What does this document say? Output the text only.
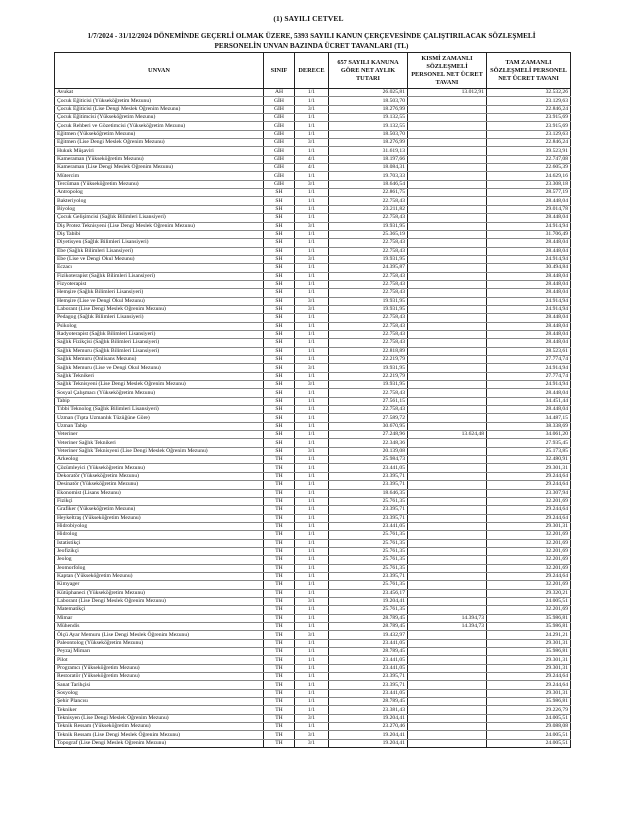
(1) SAYILI CETVEL
1/7/2024 - 31/12/2024 DÖNEMİNDE GEÇERLİ OLMAK ÜZERE, 5393 SAYILI KANUN ÇERÇEVESİNDE ÇALIŞTIRILACAK SÖZLEŞMELİ
PERSONELİN UNVAN BAZINDA ÜCRET TAVANLARI (TL)
UNVAN	SINIF	DERECE	657 SAYILI KANUNA GÖRE NET AYLIK TUTARI	KISMİ ZAMANLI SÖZLEŞMELİ PERSONEL NET ÜCRET TAVANI	TAM ZAMANLI SÖZLEŞMELİ PERSONEL NET ÜCRET TAVANI
Avukat	AH	1/1	26.025,81	13.012,91	32.532,26
Çocuk Eğiticisi (Yükseköğretim Mezunu)	GİH	1/1	18.503,70		23.129,63
Çocuk Eğiticisi (Lise Dengi Meslek Öğrenim Mezunu)	GİH	3/1	18.276,99		22.846,24
Çocuk Eğitimcisi (Yükseköğretim Mezunu)	GİH	1/1	19.132,55		23.915,69
Çocuk Rehberi ve Gözetimcisi (Yükseköğretim Mezunu)	GİH	1/1	19.132,55		23.915,69
Eğitmen (Yükseköğretim Mezunu)	GİH	1/1	18.503,70		23.129,63
Eğitmen (Lise Dengi Meslek Öğrenim Mezunu)	GİH	3/1	18.276,99		22.846,24
Hukuk Müşaviri	GİH	1/1	31.619,13		39.523,91
Kameraman (Yükseköğretim Mezunu)	GİH	4/1	18.197,66		22.747,08
Kameraman (Lise Dengi Meslek Öğrenim Mezunu)	GİH	4/1	18.084,31		22.605,39
Mütercim	GİH	1/1	19.703,33		24.629,16
Tercüman (Yükseköğretim Mezunu)	GİH	3/1	18.646,54		23.308,18
Antropolog	SH	1/1	22.861,75		28.577,19
Bakteriyolog	SH	1/1	22.758,43		28.448,04
Biyolog	SH	1/1	23.211,82		29.014,78
Çocuk Gelişimcisi (Sağlık Bilimleri Lisansiyeri)	SH	1/1	22.758,43		28.448,04
Diş Protez Teknisyeni (Lise Dengi Meslek Öğrenim Mezunu)	SH	3/1	19.931,95		24.914,94
Diş Tabibi	SH	1/1	25.365,19		31.706,49
Diyetisyen (Sağlık Bilimleri Lisansiyeri)	SH	1/1	22.758,43		28.448,04
Ebe (Sağlık Bilimleri Lisansiyeri)	SH	1/1	22.758,43		28.448,04
Ebe (Lise ve Dengi Okul Mezunu)	SH	3/1	19.931,95		24.914,94
Eczacı	SH	1/1	24.395,87		30.494,84
Fizikoterapist (Sağlık Bilimleri Lisansiyeri)	SH	1/1	22.758,43		28.448,04
Fizyoterapist	SH	1/1	22.758,43		28.448,04
Hemşire (Sağlık Bilimleri Lisansiyeri)	SH	1/1	22.758,43		28.448,04
Hemşire (Lise ve Dengi Okul Mezunu)	SH	3/1	19.931,95		24.914,94
Laborant (Lise Dengi Meslek Öğrenim Mezunu)	SH	3/1	19.931,95		24.914,94
Pedagog (Sağlık Bilimleri Lisansiyeri)	SH	1/1	22.758,43		28.448,04
Psikolog	SH	1/1	22.758,43		28.448,04
Radyoterapist (Sağlık Bilimleri Lisansiyeri)	SH	1/1	22.758,43		28.448,04
Sağlık Fizikçisi (Sağlık Bilimleri Lisansiyeri)	SH	1/1	22.758,43		28.448,04
Sağlık Memuru (Sağlık Bilimleri Lisansiyeri)	SH	1/1	22.818,89		28.523,61
Sağlık Memuru (Önlisans Mezunu)	SH	1/1	22.219,79		27.774,74
Sağlık Memuru (Lise ve Dengi Okul Mezunu)	SH	3/1	19.931,95		24.914,94
Sağlık Teknikeri	SH	1/1	22.219,79		27.774,74
Sağlık Teknisyeni (Lise Dengi Meslek Öğrenim Mezunu)	SH	3/1	19.931,95		24.914,94
Sosyal Çalışmacı (Yükseköğretim Mezunu)	SH	1/1	22.758,43		28.448,04
Tabip	SH	1/1	27.561,15		34.451,44
Tıbbi Teknolog (Sağlık Bilimleri Lisansiyeri)	SH	1/1	22.758,43		28.448,04
Uzman (Tıpta Uzmanlık Tüzüğüne Göre)	SH	1/1	27.589,72		34.487,15
Uzman Tabip	SH	1/1	30.670,95		38.338,69
Veteriner	SH	1/1	27.248,96	13.624,48	34.061,20
Veteriner Sağlık Teknikeri	SH	1/1	22.348,36		27.935,45
Veteriner Sağlık Teknisyeni (Lise Dengi Meslek Öğrenim Mezunu)	SH	3/1	20.139,08		25.173,85
Arkeolog	TH	1/1	25.984,73		32.480,91
Çözümleyici (Yükseköğretim Mezunu)	TH	1/1	23.441,05		29.301,31
Dekoratör (Yükseköğretim Mezunu)	TH	1/1	23.395,71		29.244,64
Desinatör (Yükseköğretim Mezunu)	TH	1/1	23.395,71		29.244,64
Ekonomist (Lisans Mezunu)	TH	1/1	18.646,35		23.307,94
Fizikçi	TH	1/1	25.761,35		32.201,69
Grafiker (Yükseköğretim Mezunu)	TH	1/1	23.395,71		29.244,64
Heykeltraş (Yükseköğretim Mezunu)	TH	1/1	23.395,71		29.244,64
Hidrobiyolog	TH	1/1	23.441,05		29.301,31
Hidrolog	TH	1/1	25.761,35		32.201,69
İstatistikçi	TH	1/1	25.761,35		32.201,69
Jeofizikçi	TH	1/1	25.761,35		32.201,69
Jeolog	TH	1/1	25.761,35		32.201,69
Jeomorfolog	TH	1/1	25.761,35		32.201,69
Kaptan (Yükseköğretim Mezunu)	TH	1/1	23.395,71		29.244,64
Kimyager	TH	1/1	25.761,35		32.201,69
Kütüphaneci (Yükseköğretim Mezunu)	TH	1/1	23.456,17		29.320,21
Laborant (Lise Dengi Meslek Öğrenim Mezunu)	TH	3/1	19.204,41		24.005,51
Matematikçi	TH	1/1	25.761,35		32.201,69
Mimar	TH	1/1	28.789,45	14.394,73	35.986,81
Mühendis	TH	1/1	28.789,45	14.394,73	35.986,81
Ölçü Ayar Memuru (Lise Dengi Meslek Öğrenim Mezunu)	TH	3/1	19.432,97		24.291,21
Paleontolog (Yükseköğretim Mezunu)	TH	1/1	23.441,05		29.301,31
Peyzaj Mimarı	TH	1/1	28.789,45		35.986,81
Pilot	TH	1/1	23.441,05		29.301,31
Programcı (Yükseköğretim Mezunu)	TH	1/1	23.441,05		29.301,31
Restoratör (Yükseköğretim Mezunu)	TH	1/1	23.395,71		29.244,64
Sanat Tarihçisi	TH	1/1	23.395,71		29.244,64
Sosyolog	TH	1/1	23.441,05		29.301,31
Şehir Plancısı	TH	1/1	28.789,45		35.986,81
Tekniker	TH	1/1	23.381,43		29.226,79
Teknisyen (Lise Dengi Meslek Öğrenim Mezunu)	TH	3/1	19.204,41		24.005,51
Teknik Ressam (Yükseköğretim Mezunu)	TH	1/1	23.270,46		29.088,08
Teknik Ressam (Lise Dengi Meslek Öğrenim Mezunu)	TH	3/1	19.204,41		24.005,51
Topograf (Lise Dengi Meslek Öğrenim Mezunu)	TH	3/1	19.204,41		24.005,51
